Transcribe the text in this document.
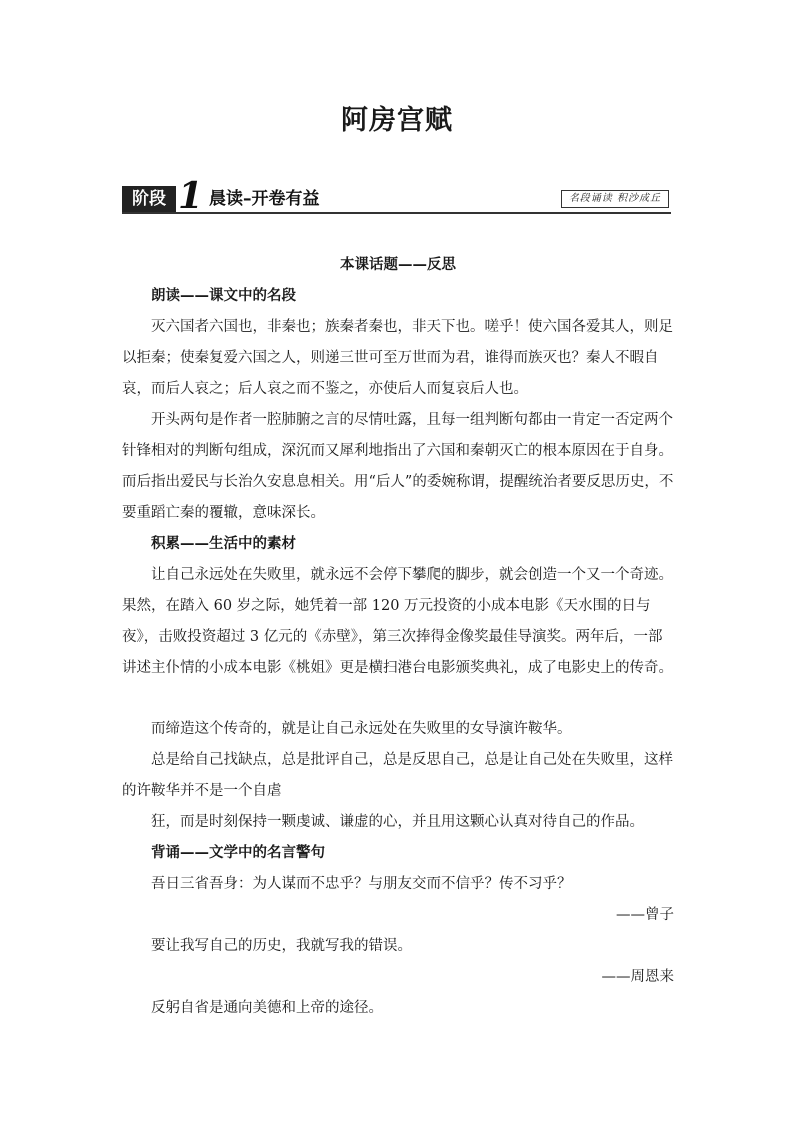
阿房宫赋
阶段 1 晨读–开卷有益	名段诵读 积沙成丘
本课话题——反思
朗读——课文中的名段
灭六国者六国也，非秦也；族秦者秦也，非天下也。嗟乎！使六国各爱其人，则足以拒秦；使秦复爱六国之人，则递三世可至万世而为君，谁得而族灭也？秦人不暇自哀，而后人哀之；后人哀之而不鉴之，亦使后人而复哀后人也。
开头两句是作者一腔肺腑之言的尽情吐露，且每一组判断句都由一肯定一否定两个针锋相对的判断句组成，深沉而又犀利地指出了六国和秦朝灭亡的根本原因在于自身。而后指出爱民与长治久安息息相关。用“后人”的委婉称谓，提醒统治者要反思历史，不要重蹈亡秦的覆辙，意味深长。
积累——生活中的素材
让自己永远处在失败里，就永远不会停下攀爬的脚步，就会创造一个又一个奇迹。果然，在踏入 60 岁之际，她凭着一部 120 万元投资的小成本电影《天水围的日与夜》，击败投资超过 3 亿元的《赤壁》，第三次捧得金像奖最佳导演奖。两年后，一部讲述主仆情的小成本电影《桃姐》更是横扫港台电影颁奖典礼，成了电影史上的传奇。
而缔造这个传奇的，就是让自己永远处在失败里的女导演许鞍华。
总是给自己找缺点，总是批评自己，总是反思自己，总是让自己处在失败里，这样的许鞍华并不是一个自虐
狂，而是时刻保持一颗虔诚、谦虚的心，并且用这颗心认真对待自己的作品。
背诵——文学中的名言警句
吾日三省吾身：为人谋而不忠乎？与朋友交而不信乎？传不习乎？
——曾子
要让我写自己的历史，我就写我的错误。
——周恩来
反躬自省是通向美德和上帝的途径。
